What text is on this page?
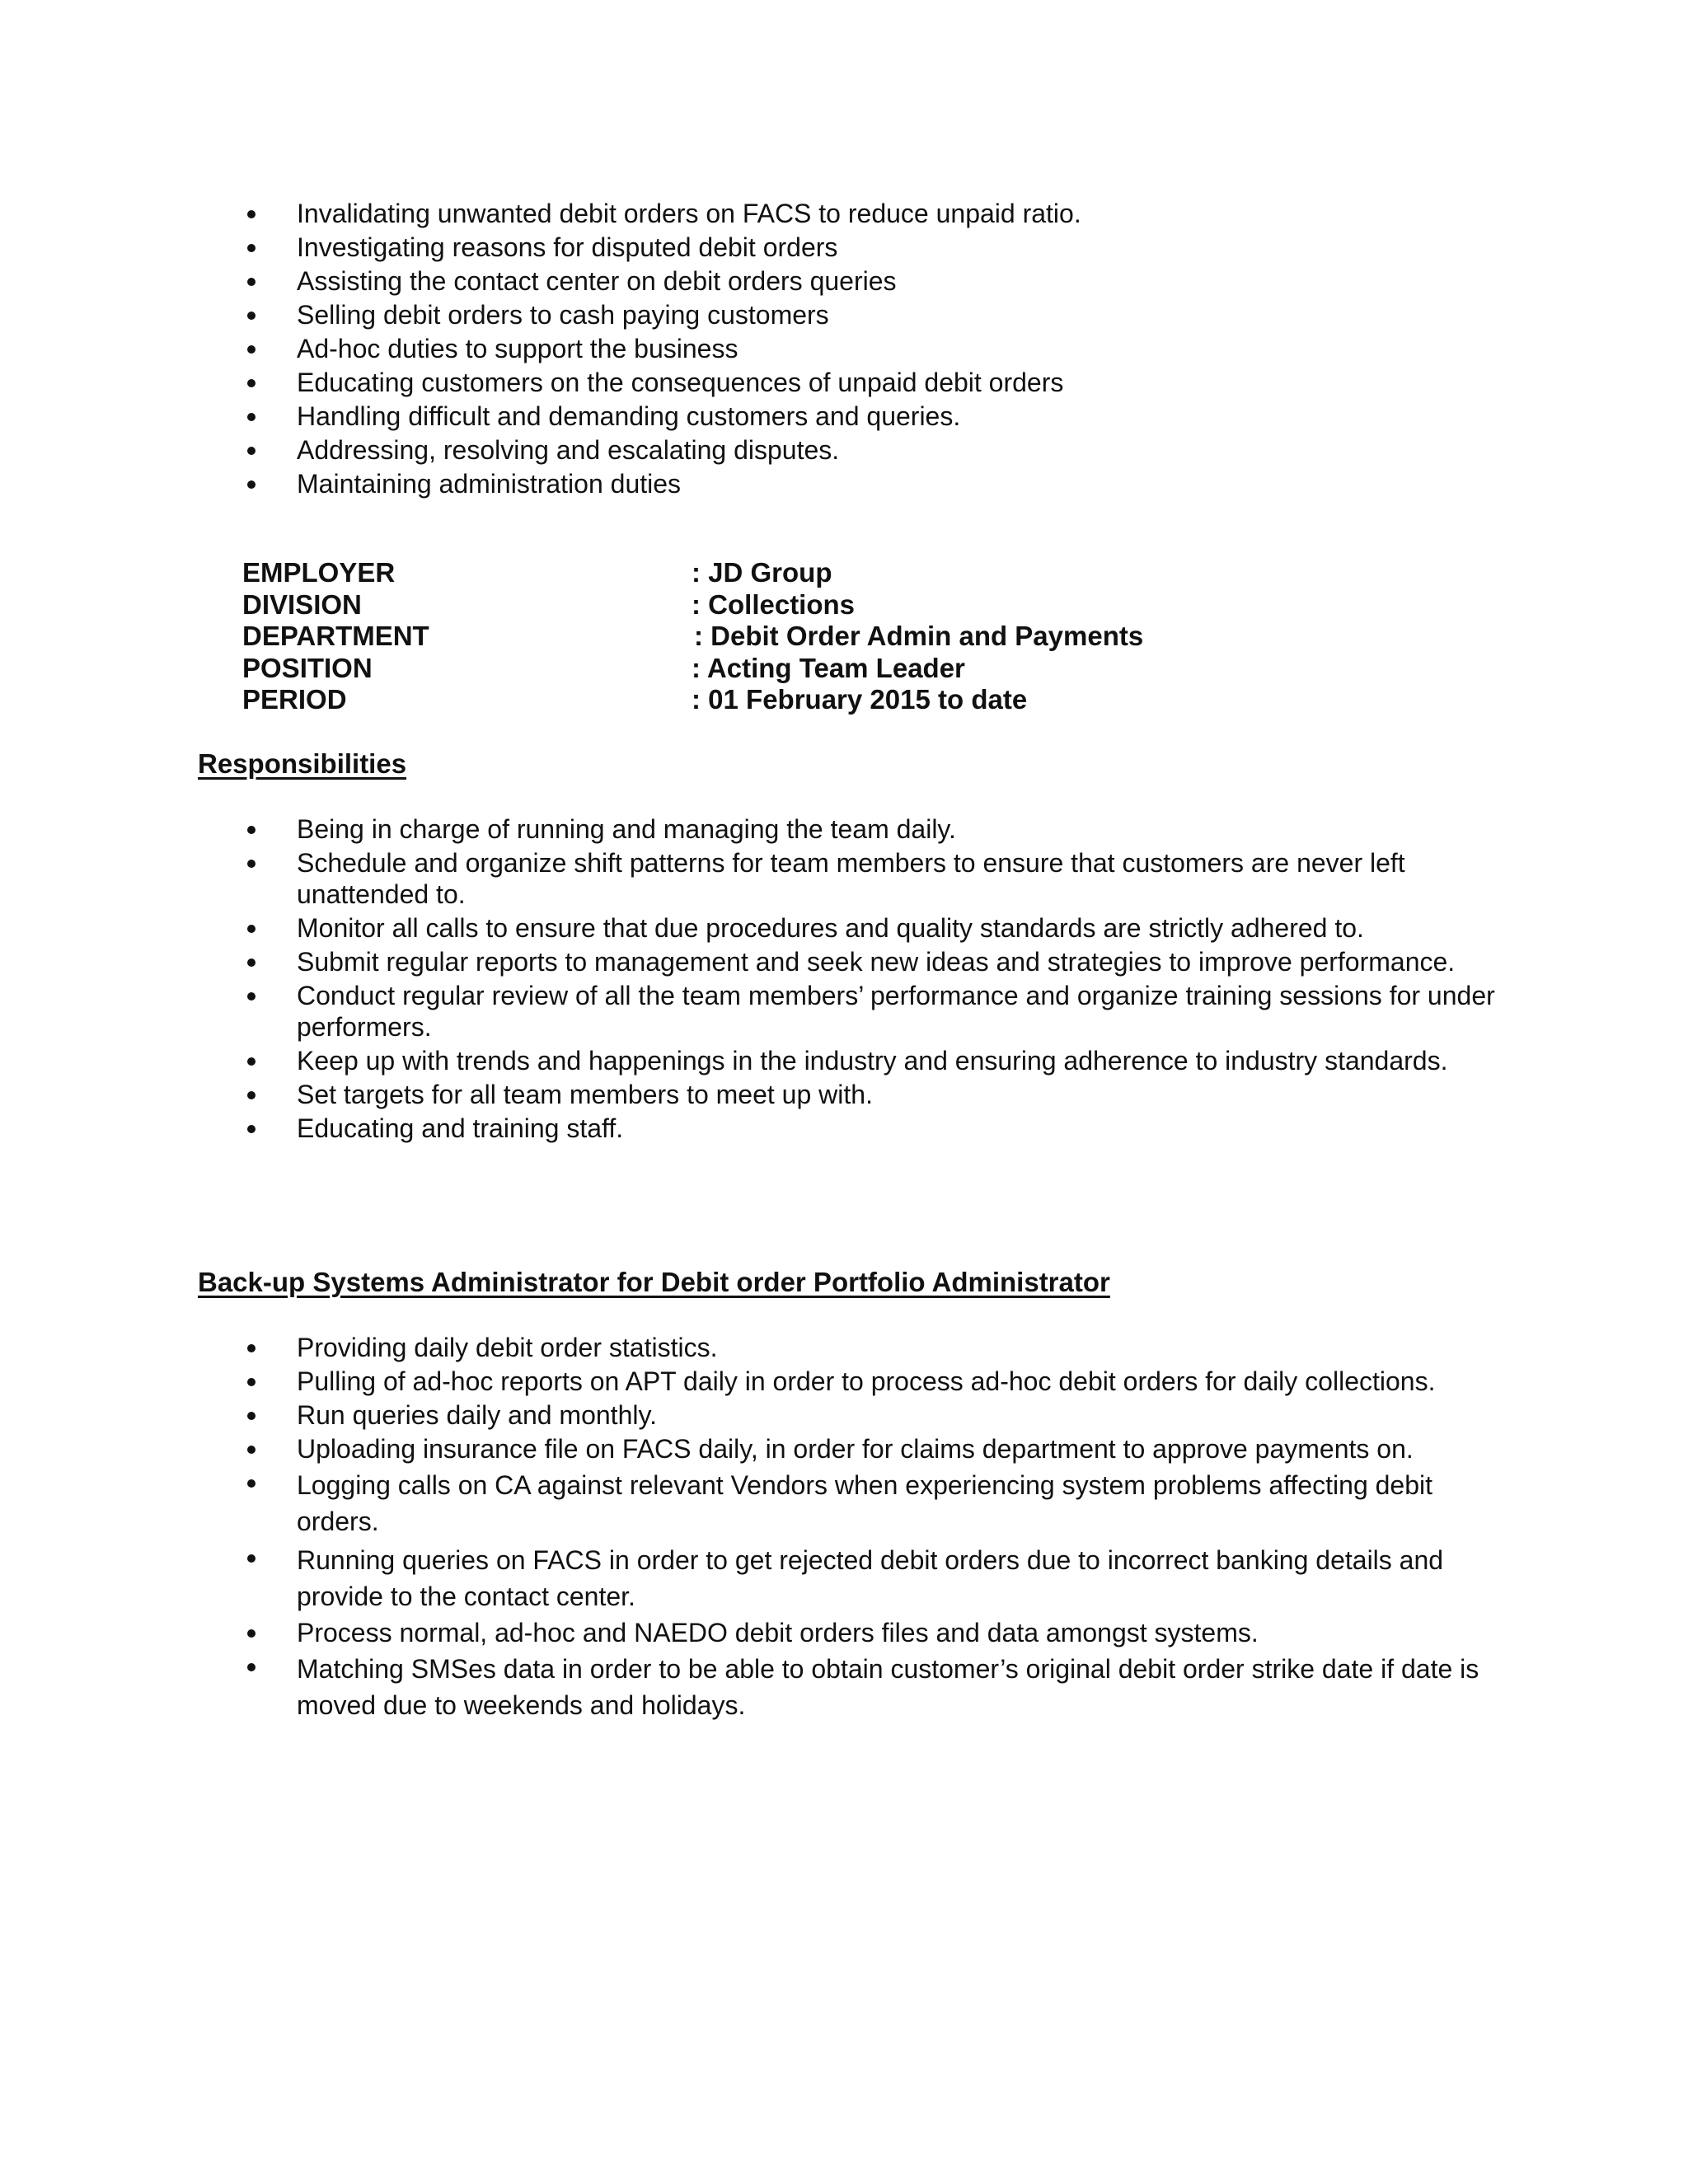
Invalidating unwanted debit orders on FACS to reduce unpaid ratio.
Investigating reasons for disputed debit orders
Assisting the contact center on debit orders queries
Selling debit orders to cash paying customers
Ad-hoc duties to support the business
Educating customers on the consequences of unpaid debit orders
Handling difficult and demanding customers and queries.
Addressing, resolving and escalating disputes.
Maintaining administration duties
EMPLOYER	: JD Group
DIVISION	: Collections
DEPARTMENT	: Debit Order Admin and Payments
POSITION	: Acting Team Leader
PERIOD	: 01 February 2015 to date
Responsibilities
Being in charge of running and managing the team daily.
Schedule and organize shift patterns for team members to ensure that customers are never left unattended to.
Monitor all calls to ensure that due procedures and quality standards are strictly adhered to.
Submit regular reports to management and seek new ideas and strategies to improve performance.
Conduct regular review of all the team members’ performance and organize training sessions for under performers.
Keep up with trends and happenings in the industry and ensuring adherence to industry standards.
Set targets for all team members to meet up with.
Educating and training staff.
Back-up Systems Administrator for Debit order Portfolio Administrator
Providing daily debit order statistics.
Pulling of ad-hoc reports on APT daily in order to process ad-hoc debit orders for daily collections.
Run queries daily and monthly.
Uploading insurance file on FACS daily, in order for claims department to approve payments on.
Logging calls on CA against relevant Vendors when experiencing system problems affecting debit orders.
Running queries on FACS in order to get rejected debit orders due to incorrect banking details and provide to the contact center.
Process normal, ad-hoc and NAEDO debit orders files and data amongst systems.
Matching SMSes data in order to be able to obtain customer’s original debit order strike date if date is moved due to weekends and holidays.
